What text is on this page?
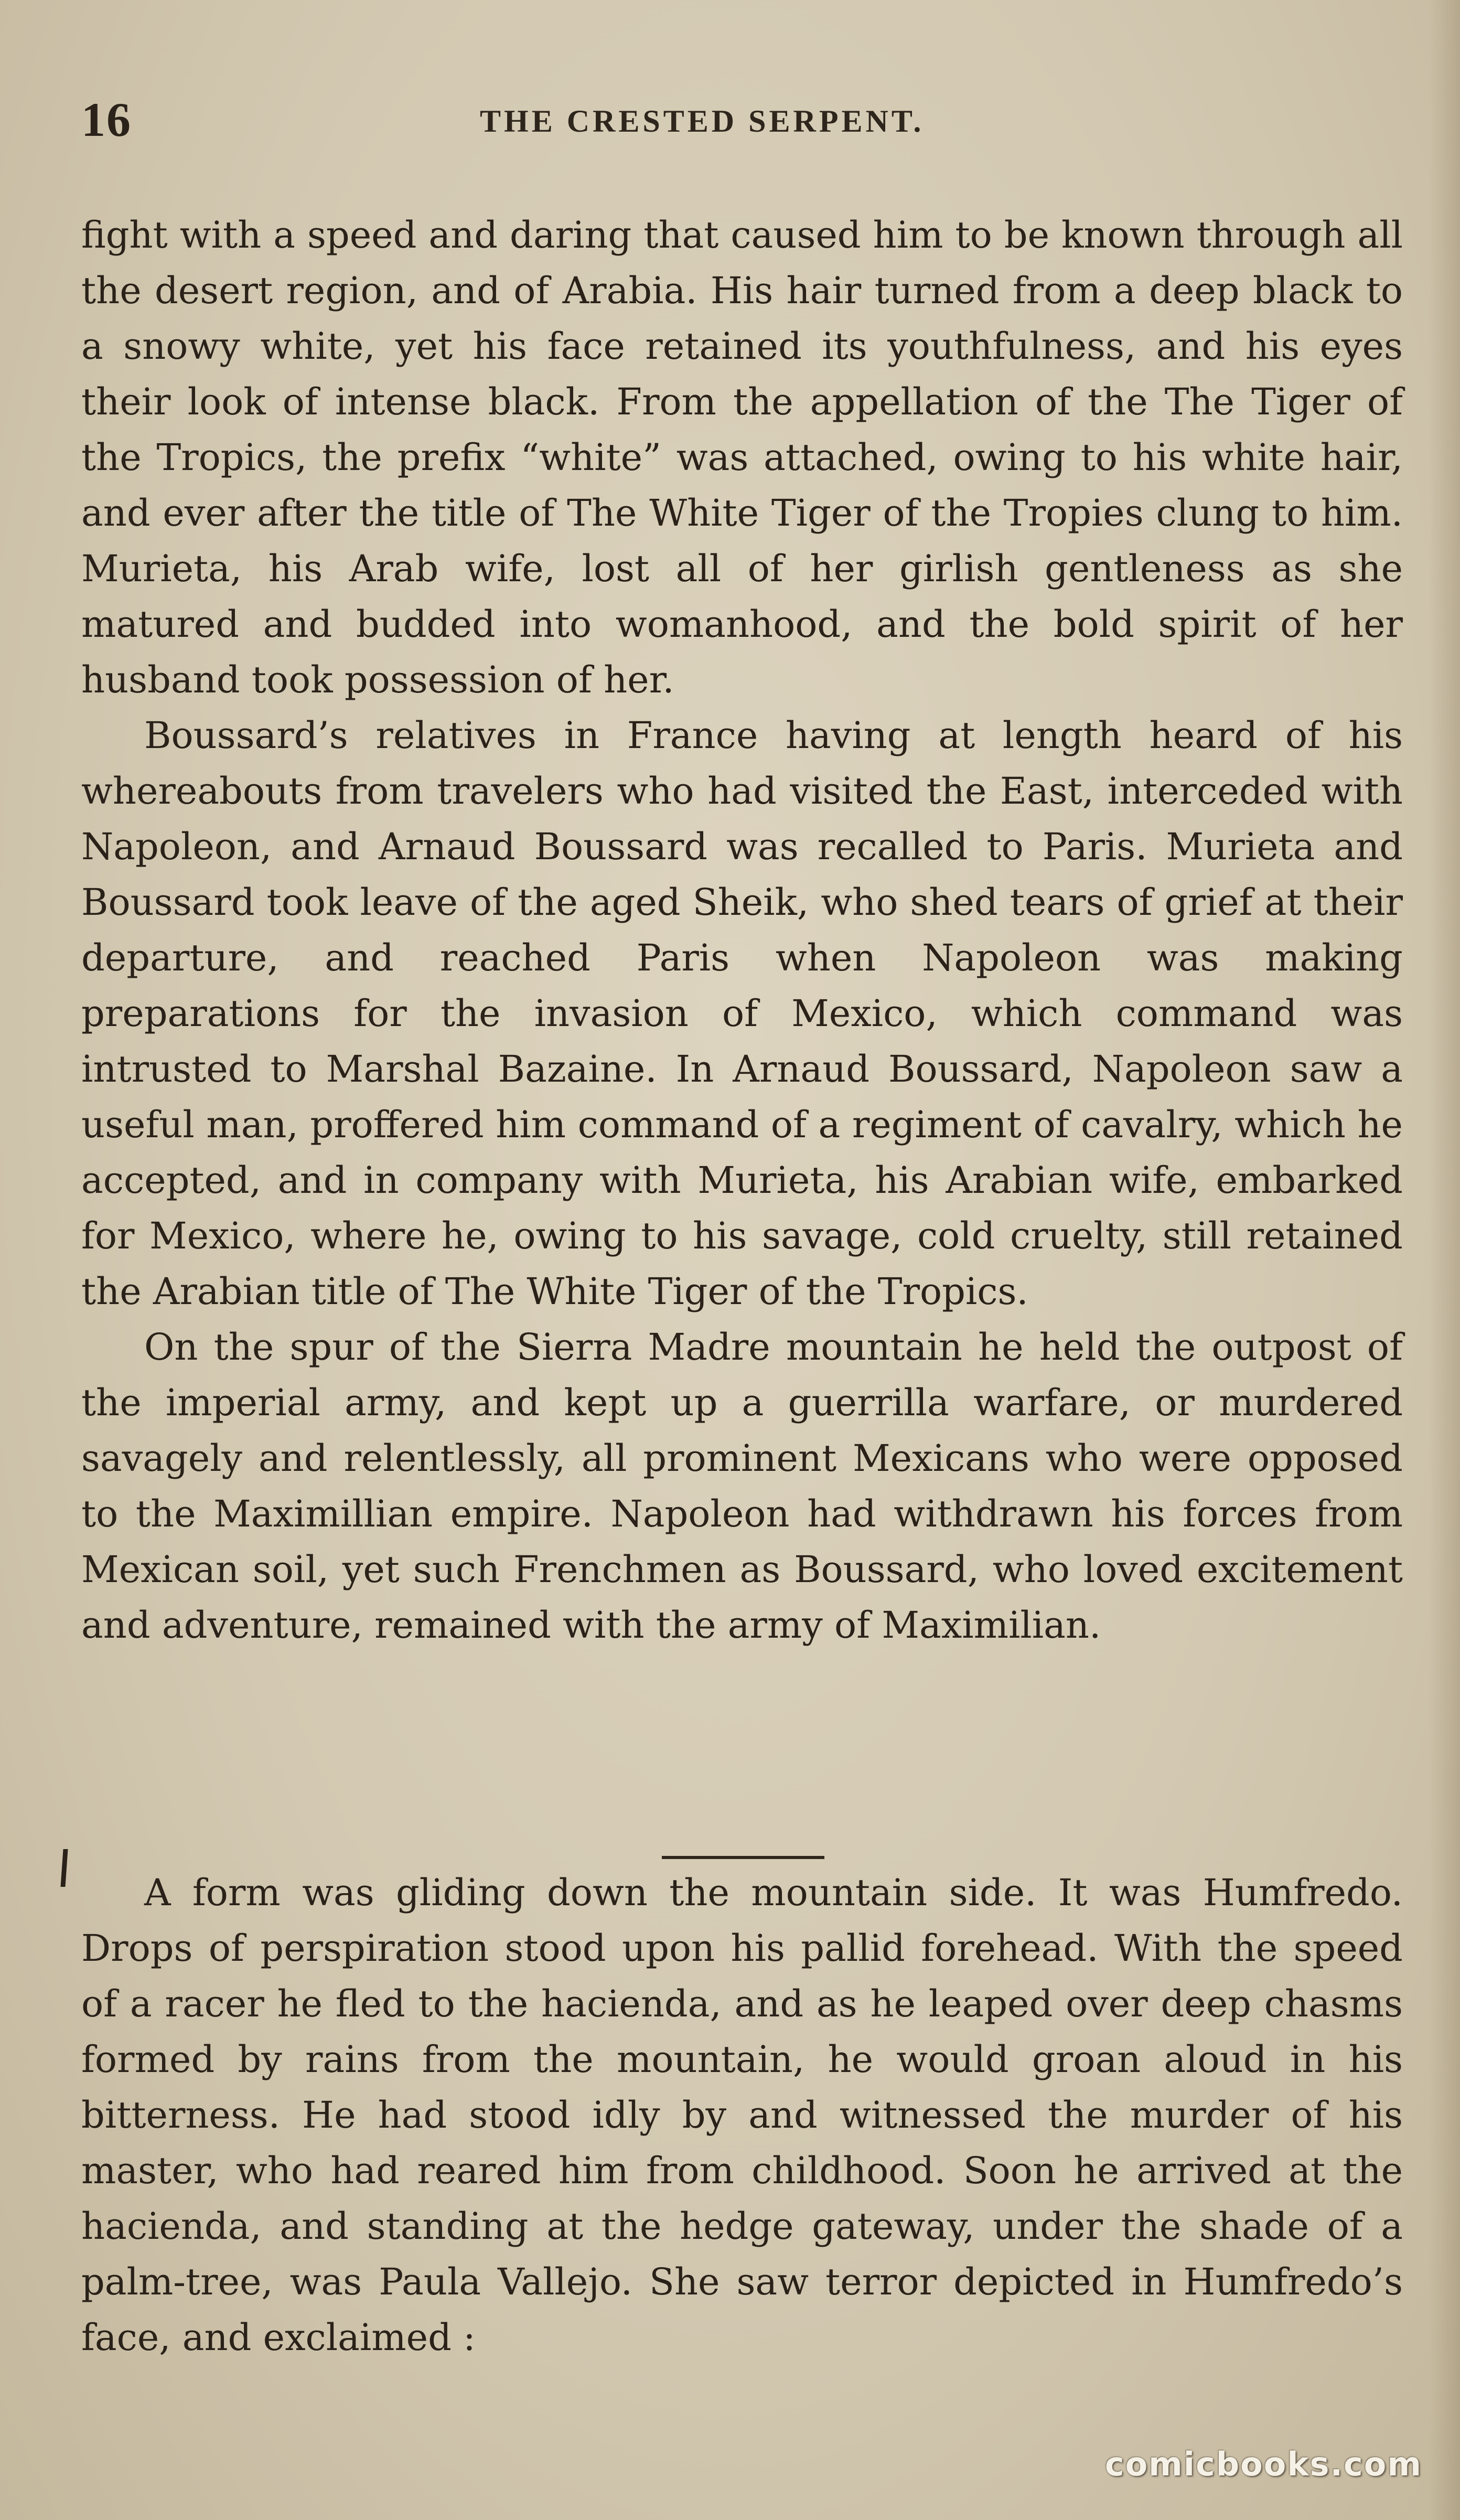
16	THE CRESTED SERPENT.

fight with a speed and daring that caused him to be known through all the desert region, and of Arabia. His hair turned from a deep black to a snowy white, yet his face retained its youthfulness, and his eyes their look of intense black. From the appellation of the The Tiger of the Tropics, the prefix “white” was attached, owing to his white hair, and ever after the title of The White Tiger of the Tropies clung to him. Murieta, his Arab wife, lost all of her girlish gentleness as she matured and budded into womanhood, and the bold spirit of her husband took possession of her.

Boussard’s relatives in France having at length heard of his whereabouts from travelers who had visited the East, interceded with Napoleon, and Arnaud Boussard was recalled to Paris. Murieta and Boussard took leave of the aged Sheik, who shed tears of grief at their departure, and reached Paris when Napoleon was making preparations for the invasion of Mexico, which command was intrusted to Marshal Bazaine. In Arnaud Boussard, Napoleon saw a useful man, proffered him command of a regiment of cavalry, which he accepted, and in company with Murieta, his Arabian wife, embarked for Mexico, where he, owing to his savage, cold cruelty, still retained the Arabian title of The White Tiger of the Tropics.

On the spur of the Sierra Madre mountain he held the outpost of the imperial army, and kept up a guerrilla warfare, or murdered savagely and relentlessly, all prominent Mexicans who were opposed to the Maximillian empire. Napoleon had withdrawn his forces from Mexican soil, yet such Frenchmen as Boussard, who loved excitement and adventure, remained with the army of Maximilian.

A form was gliding down the mountain side. It was Humfredo. Drops of perspiration stood upon his pallid forehead. With the speed of a racer he fled to the hacienda, and as he leaped over deep chasms formed by rains from the mountain, he would groan aloud in his bitterness. He had stood idly by and witnessed the murder of his master, who had reared him from childhood. Soon he arrived at the hacienda, and standing at the hedge gateway, under the shade of a palm-tree, was Paula Vallejo. She saw terror depicted in Humfredo’s face, and exclaimed :

comicbooks.com
